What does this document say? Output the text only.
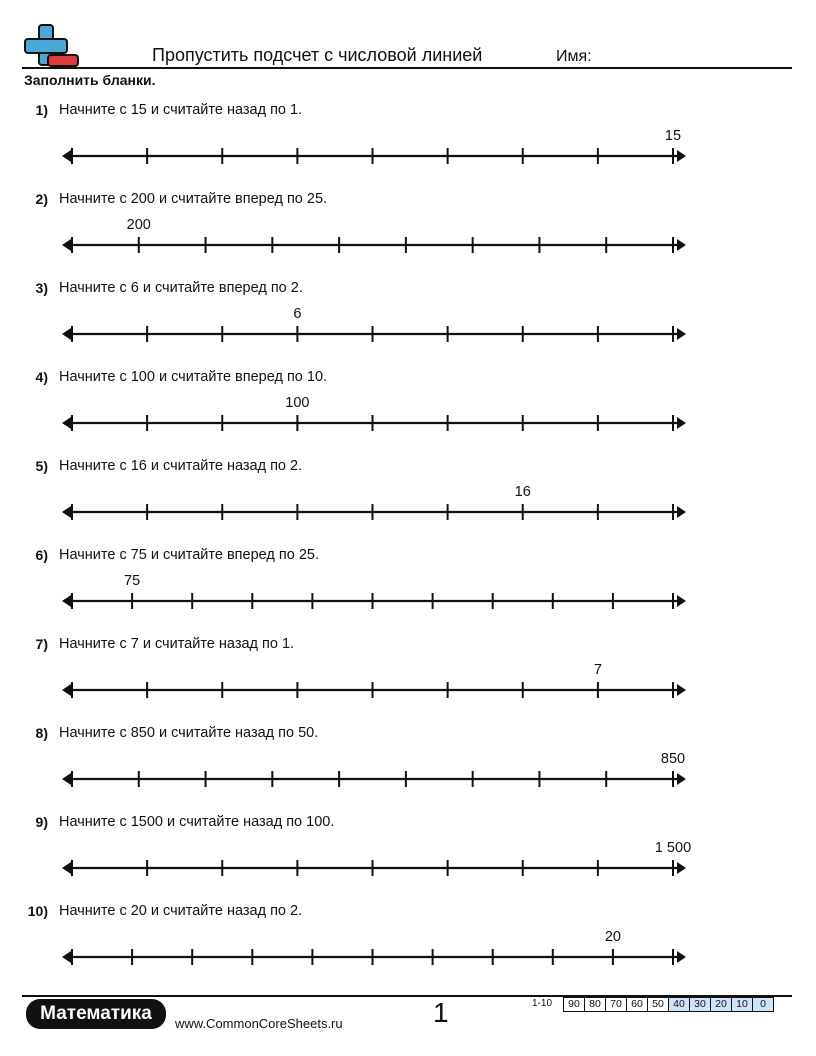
Пропустить подсчет с числовой линией	Имя:
Заполнить бланки.
1) Начните с 15 и считайте назад по 1.
15
2) Начните с 200 и считайте вперед по 25.
200
3) Начните с 6 и считайте вперед по 2.
6
4) Начните с 100 и считайте вперед по 10.
100
5) Начните с 16 и считайте назад по 2.
16
6) Начните с 75 и считайте вперед по 25.
75
7) Начните с 7 и считайте назад по 1.
7
8) Начните с 850 и считайте назад по 50.
850
9) Начните с 1500 и считайте назад по 100.
1 500
10) Начните с 20 и считайте назад по 2.
20
Математика	www.CommonCoreSheets.ru	1	1-10	90 80 70 60 50 40 30 20 10	0
